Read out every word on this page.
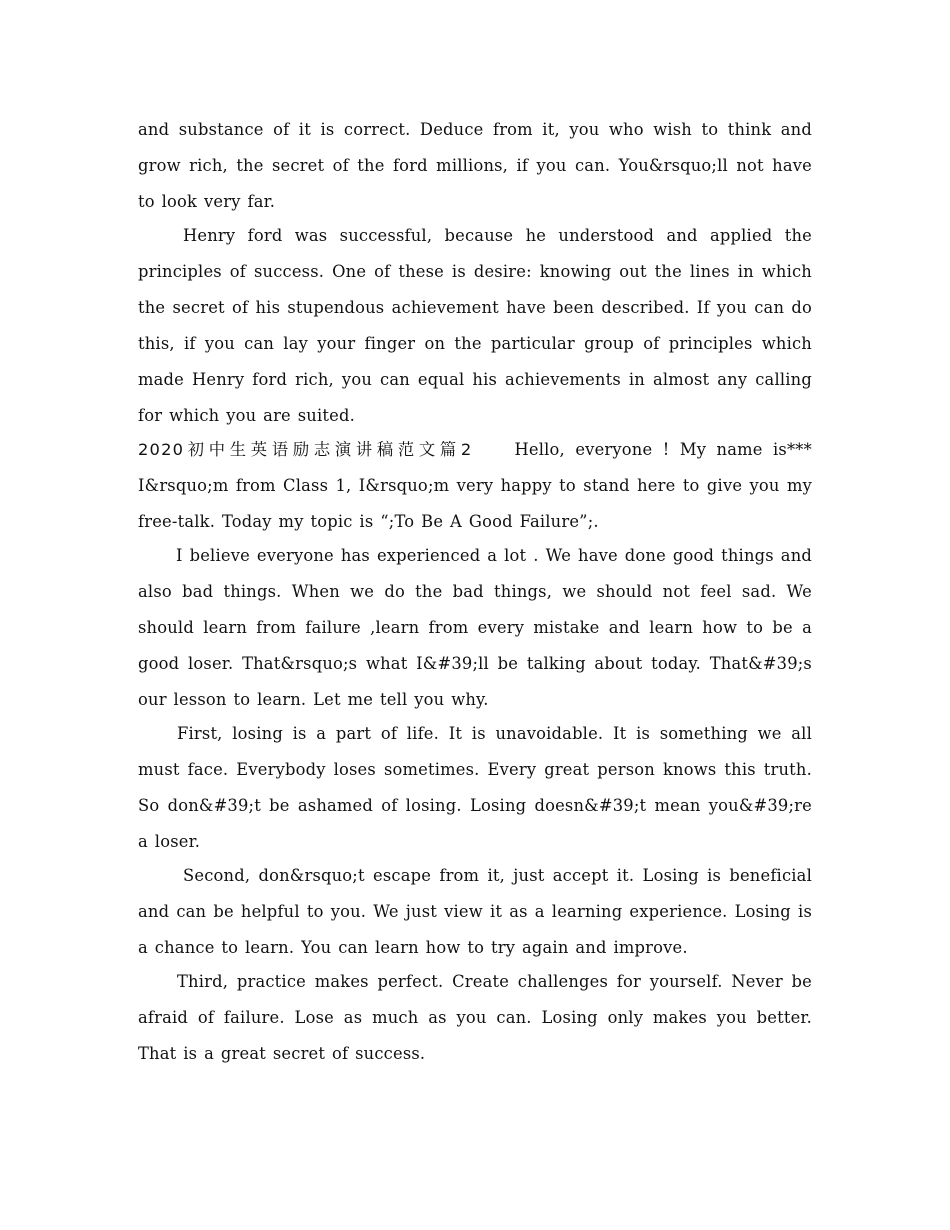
and substance of it is correct. Deduce from it, you who wish to think and grow rich, the secret of the ford millions, if you can. You&rsquo;ll not have to look very far.

Henry ford was successful, because he understood and applied the principles of success. One of these is desire: knowing out the lines in which the secret of his stupendous achievement have been described. If you can do this, if you can lay your finger on the particular group of principles which made Henry ford rich, you can equal his achievements in almost any calling for which you are suited.

2020初中生英语励志演讲稿范文篇2	Hello, everyone ! My name is*** I&rsquo;m from Class 1, I&rsquo;m very happy to stand here to give you my free-talk. Today my topic is “;To Be A Good Failure”;.

I believe everyone has experienced a lot . We have done good things and also bad things. When we do the bad things, we should not feel sad. We should learn from failure ,learn from every mistake and learn how to be a good loser. That&rsquo;s what I&#39;ll be talking about today. That&#39;s our lesson to learn. Let me tell you why.

First, losing is a part of life. It is unavoidable. It is something we all must face. Everybody loses sometimes. Every great person knows this truth. So don&#39;t be ashamed of losing. Losing doesn&#39;t mean you&#39;re a loser.

Second, don&rsquo;t escape from it, just accept it. Losing is beneficial and can be helpful to you. We just view it as a learning experience. Losing is a chance to learn. You can learn how to try again and improve.

Third, practice makes perfect. Create challenges for yourself. Never be afraid of failure. Lose as much as you can. Losing only makes you better. That is a great secret of success.
